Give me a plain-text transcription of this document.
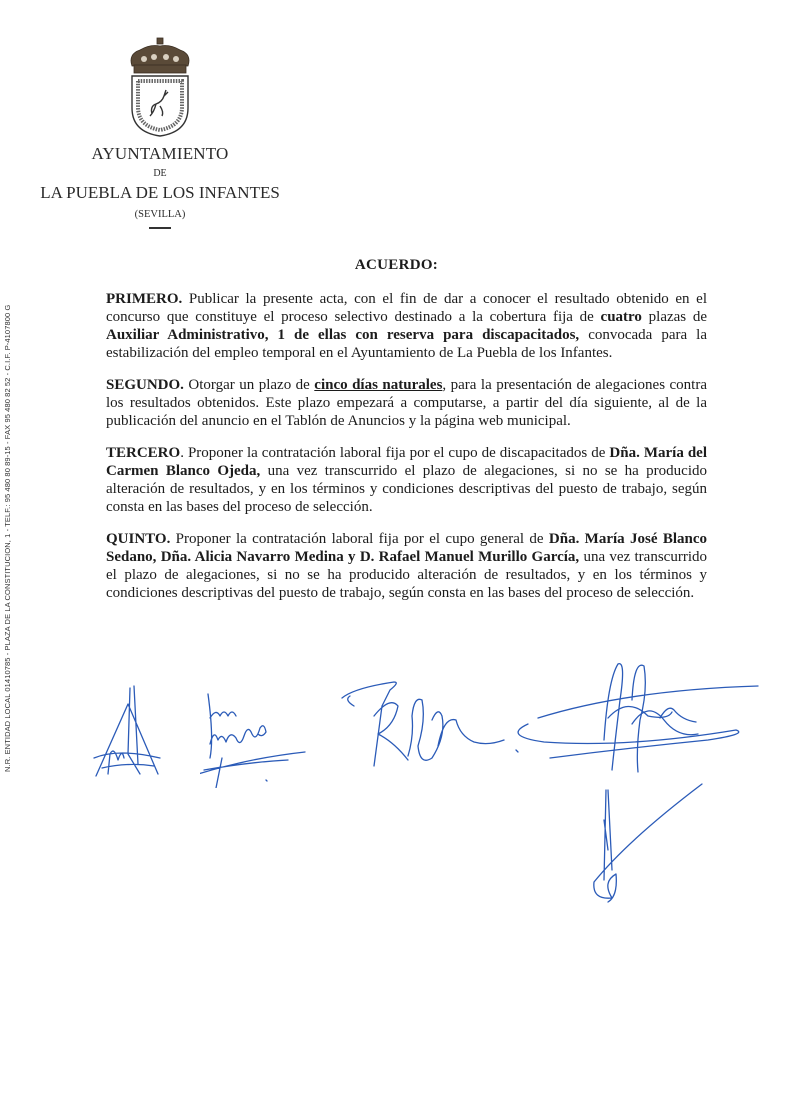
AYUNTAMIENTO
DE
LA PUEBLA DE LOS INFANTES
(SEVILLA)
N.R. ENTIDAD LOCAL 01410785 - PLAZA DE LA CONSTITUCION, 1 - TELF.: 95 480 80 89-15 - FAX 95 480 82 52 - C.I.F. P-4107800 G
ACUERDO:

PRIMERO. Publicar la presente acta, con el fin de dar a conocer el resultado obtenido en el concurso que constituye el proceso selectivo destinado a la cobertura fija de cuatro plazas de Auxiliar Administrativo, 1 de ellas con reserva para discapacitados, convocada para la estabilización del empleo temporal en el Ayuntamiento de La Puebla de los Infantes.

SEGUNDO. Otorgar un plazo de cinco días naturales, para la presentación de alegaciones contra los resultados obtenidos. Este plazo empezará a computarse, a partir del día siguiente, al de la publicación del anuncio en el Tablón de Anuncios y la página web municipal.

TERCERO. Proponer la contratación laboral fija por el cupo de discapacitados de Dña. María del Carmen Blanco Ojeda, una vez transcurrido el plazo de alegaciones, si no se ha producido alteración de resultados, y en los términos y condiciones descriptivas del puesto de trabajo, según consta en las bases del proceso de selección.

QUINTO. Proponer la contratación laboral fija por el cupo general de Dña. María José Blanco Sedano, Dña. Alicia Navarro Medina y D. Rafael Manuel Murillo García, una vez transcurrido el plazo de alegaciones, si no se ha producido alteración de resultados, y en los términos y condiciones descriptivas del puesto de trabajo, según consta en las bases del proceso de selección.
